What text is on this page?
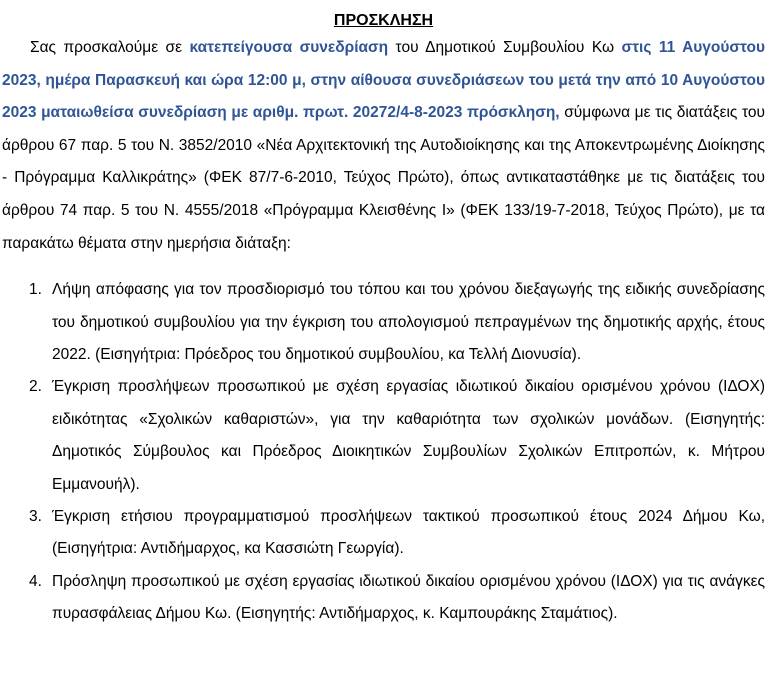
ΠΡΟΣΚΛΗΣΗ

Σας προσκαλούμε σε κατεπείγουσα συνεδρίαση του Δημοτικού Συμβουλίου Κω στις 11 Αυγούστου 2023, ημέρα Παρασκευή και ώρα 12:00 μ, στην αίθουσα συνεδριάσεων του μετά την από 10 Αυγούστου 2023 ματαιωθείσα συνεδρίαση με αριθμ. πρωτ. 20272/4-8-2023 πρόσκληση, σύμφωνα με τις διατάξεις του άρθρου 67 παρ. 5 του Ν. 3852/2010 «Νέα Αρχιτεκτονική της Αυτοδιοίκησης και της Αποκεντρωμένης Διοίκησης - Πρόγραμμα Καλλικράτης» (ΦΕΚ 87/7-6-2010, Τεύχος Πρώτο), όπως αντικαταστάθηκε με τις διατάξεις του άρθρου 74 παρ. 5 του Ν. 4555/2018 «Πρόγραμμα Κλεισθένης Ι» (ΦΕΚ 133/19-7-2018, Τεύχος Πρώτο), με τα παρακάτω θέματα στην ημερήσια διάταξη:

1. Λήψη απόφασης για τον προσδιορισμό του τόπου και του χρόνου διεξαγωγής της ειδικής συνεδρίασης του δημοτικού συμβουλίου για την έγκριση του απολογισμού πεπραγμένων της δημοτικής αρχής, έτους 2022. (Εισηγήτρια: Πρόεδρος του δημοτικού συμβουλίου, κα Τελλή Διονυσία).
2. Έγκριση προσλήψεων προσωπικού με σχέση εργασίας ιδιωτικού δικαίου ορισμένου χρόνου (ΙΔΟΧ) ειδικότητας «Σχολικών καθαριστών», για την καθαριότητα των σχολικών μονάδων. (Εισηγητής: Δημοτικός Σύμβουλος και Πρόεδρος Διοικητικών Συμβουλίων Σχολικών Επιτροπών, κ. Μήτρου Εμμανουήλ).
3. Έγκριση ετήσιου προγραμματισμού προσλήψεων τακτικού προσωπικού έτους 2024 Δήμου Κω, (Εισηγήτρια: Αντιδήμαρχος, κα Κασσιώτη Γεωργία).
4. Πρόσληψη προσωπικού με σχέση εργασίας ιδιωτικού δικαίου ορισμένου χρόνου (ΙΔΟΧ) για τις ανάγκες πυρασφάλειας Δήμου Κω. (Εισηγητής: Αντιδήμαρχος, κ. Καμπουράκης Σταμάτιος).
